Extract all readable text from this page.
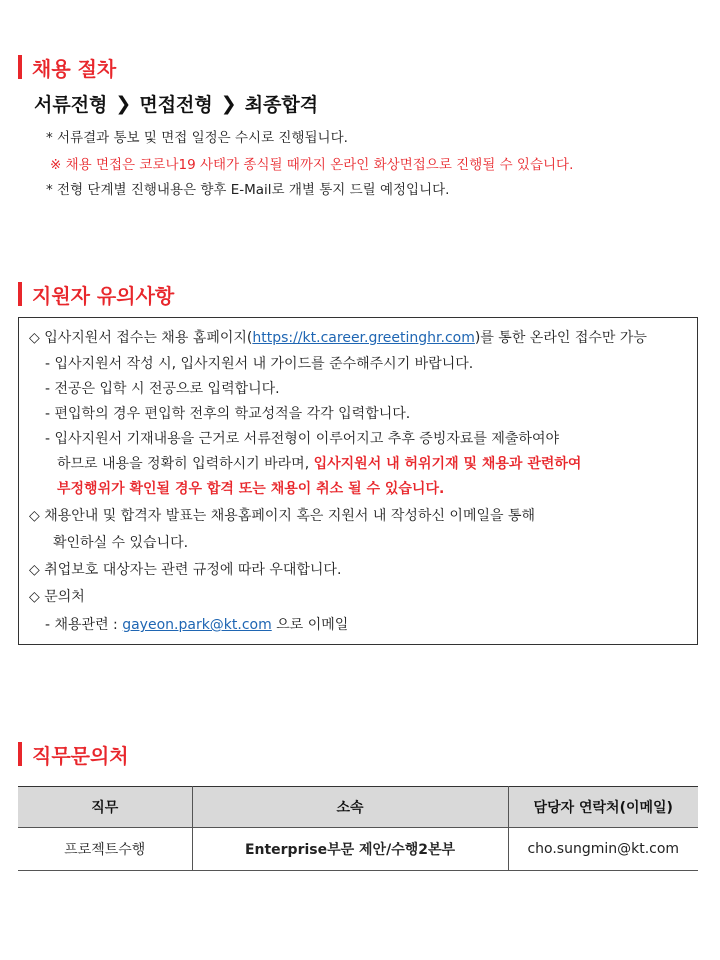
채용 절차
서류전형 ❯ 면접전형 ❯ 최종합격
* 서류결과 통보 및 면접 일정은 수시로 진행됩니다.
※ 채용 면접은 코로나19 사태가 종식될 때까지 온라인 화상면접으로 진행될 수 있습니다.
* 전형 단계별 진행내용은 향후 E-Mail로 개별 통지 드릴 예정입니다.
지원자 유의사항
◇ 입사지원서 접수는 채용 홈페이지(https://kt.career.greetinghr.com)를 통한 온라인 접수만 가능
- 입사지원서 작성 시, 입사지원서 내 가이드를 준수해주시기 바랍니다.
- 전공은 입학 시 전공으로 입력합니다.
- 편입학의 경우 편입학 전후의 학교성적을 각각 입력합니다.
- 입사지원서 기재내용을 근거로 서류전형이 이루어지고 추후 증빙자료를 제출하여야
하므로 내용을 정확히 입력하시기 바라며, 입사지원서 내 허위기재 및 채용과 관련하여
부정행위가 확인될 경우 합격 또는 채용이 취소 될 수 있습니다.
◇ 채용안내 및 합격자 발표는 채용홈페이지 혹은 지원서 내 작성하신 이메일을 통해
확인하실 수 있습니다.
◇ 취업보호 대상자는 관련 규정에 따라 우대합니다.
◇ 문의처
- 채용관련 : gayeon.park@kt.com 으로 이메일
직무문의처
직무	소속	담당자 연락처(이메일)
프로젝트수행	Enterprise부문 제안/수행2본부	cho.sungmin@kt.com
